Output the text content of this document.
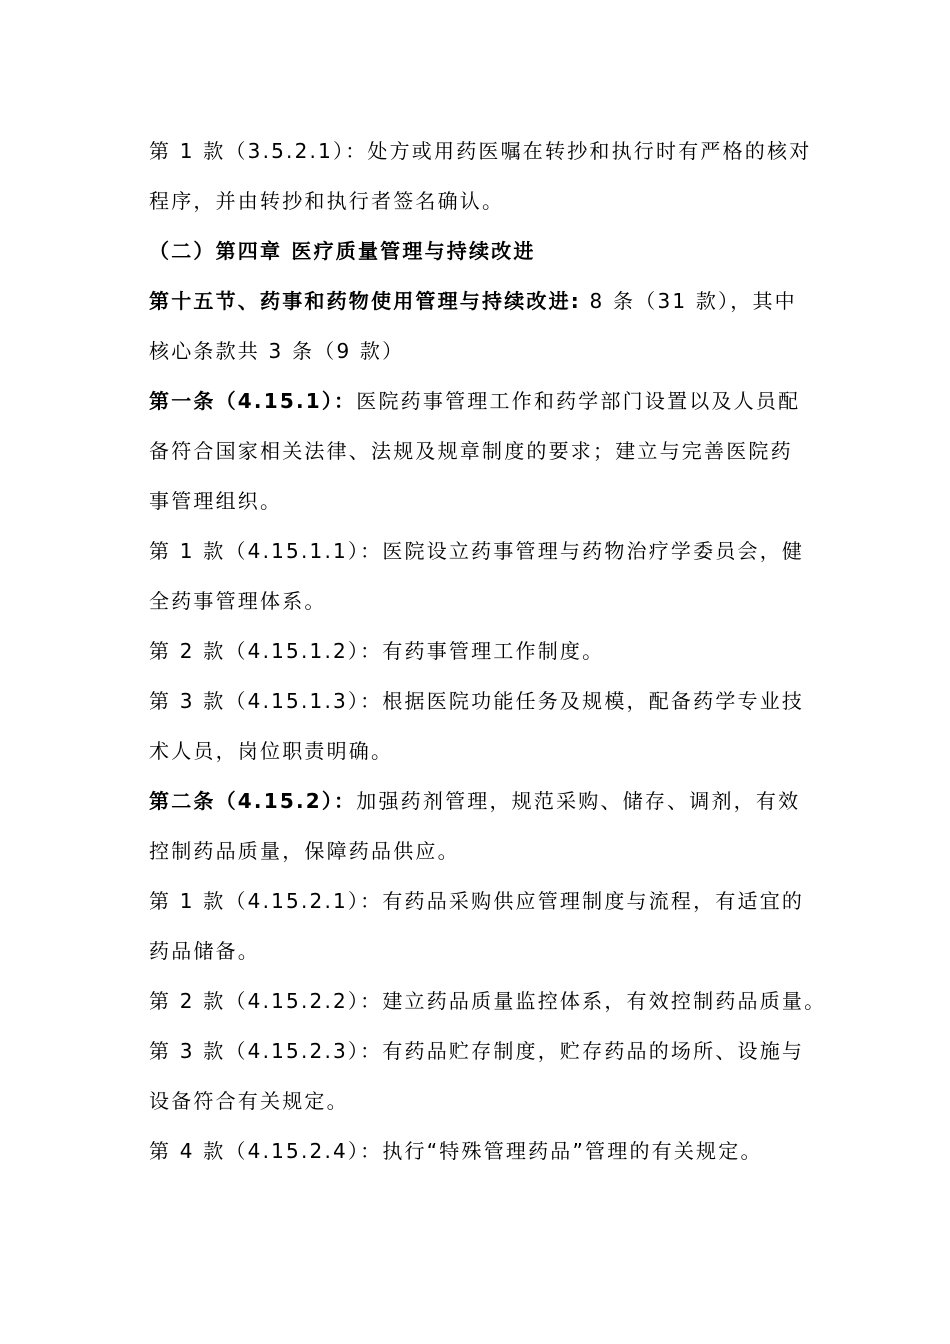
第 1 款（3.5.2.1）：处方或用药医嘱在转抄和执行时有严格的核对
程序，并由转抄和执行者签名确认。
（二）第四章 医疗质量管理与持续改进
第十五节、药事和药物使用管理与持续改进: 8 条（31 款），其中
核心条款共 3 条（9 款）
第一条（4.15.1）：医院药事管理工作和药学部门设置以及人员配
备符合国家相关法律、法规及规章制度的要求；建立与完善医院药
事管理组织。
第 1 款（4.15.1.1）：医院设立药事管理与药物治疗学委员会，健
全药事管理体系。
第 2 款（4.15.1.2）：有药事管理工作制度。
第 3 款（4.15.1.3）：根据医院功能任务及规模，配备药学专业技
术人员，岗位职责明确。
第二条（4.15.2）：加强药剂管理，规范采购、储存、调剂，有效
控制药品质量，保障药品供应。
第 1 款（4.15.2.1）：有药品采购供应管理制度与流程，有适宜的
药品储备。
第 2 款（4.15.2.2）：建立药品质量监控体系，有效控制药品质量。
第 3 款（4.15.2.3）：有药品贮存制度，贮存药品的场所、设施与
设备符合有关规定。
第 4 款（4.15.2.4）：执行“特殊管理药品”管理的有关规定。
